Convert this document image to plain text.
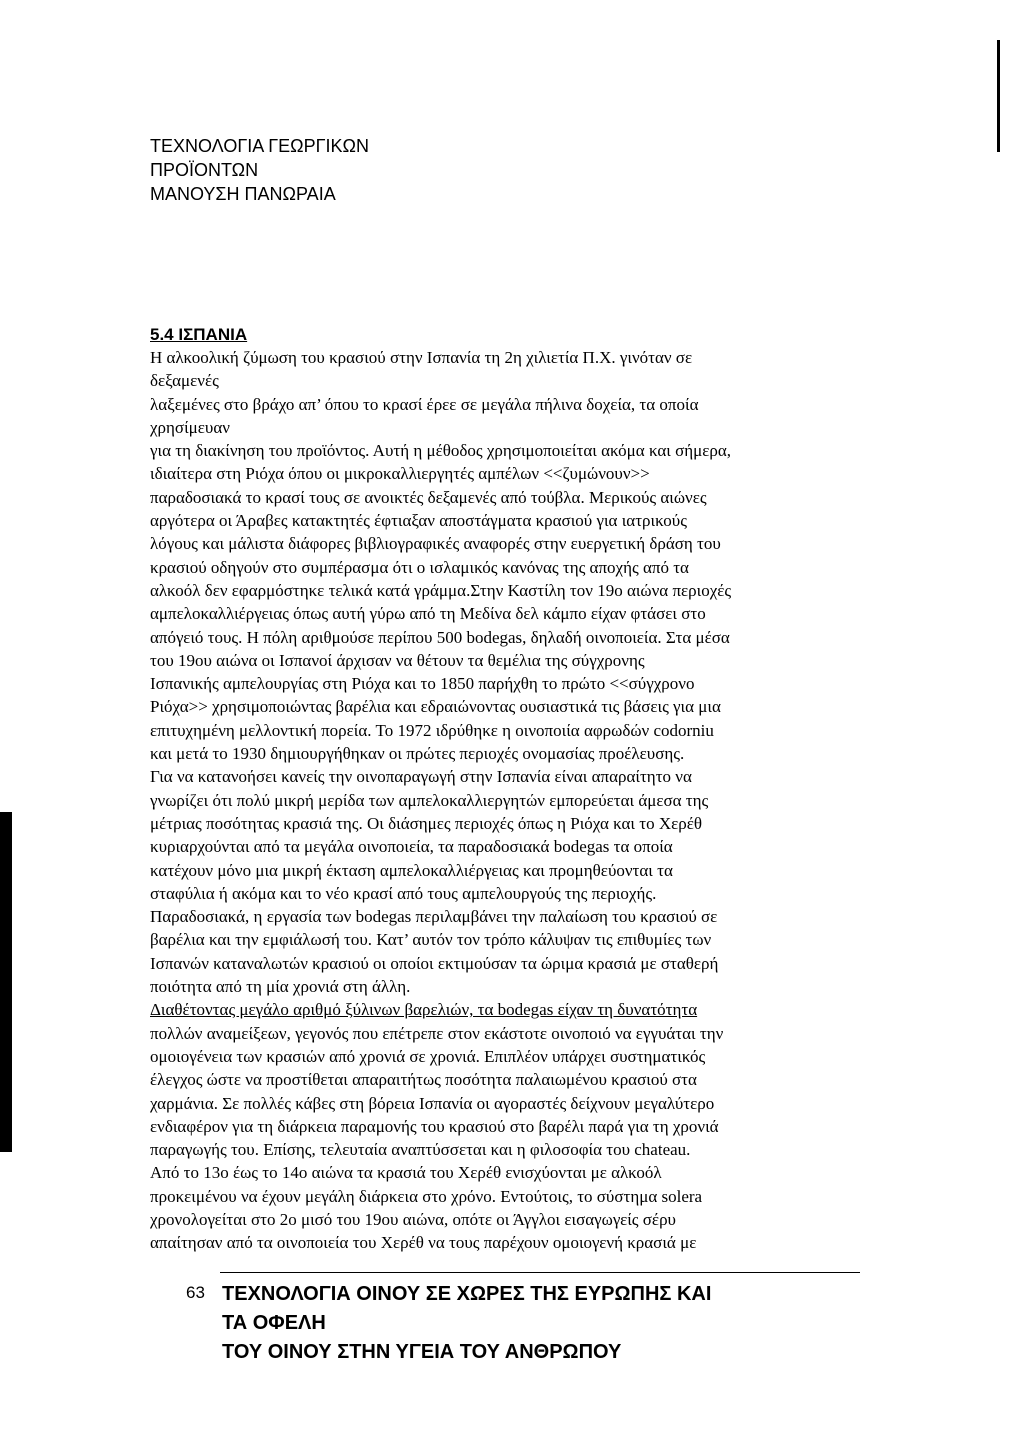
ΤΕΧΝΟΛΟΓΙΑ ΓΕΩΡΓΙΚΩΝ
ΠΡΟΪΟΝΤΩΝ
ΜΑΝΟΥΣΗ ΠΑΝΩΡΑΙΑ
5.4 ΙΣΠΑΝΙΑ
Η αλκοολική ζύμωση του κρασιού στην Ισπανία τη 2η χιλιετία Π.Χ. γινόταν σε
δεξαμενές
λαξεμένες στο βράχο απ’ όπου το κρασί έρεε σε μεγάλα πήλινα δοχεία, τα οποία
χρησίμευαν
για τη διακίνηση του προϊόντος. Αυτή η μέθοδος χρησιμοποιείται ακόμα και σήμερα,
ιδιαίτερα στη Ριόχα όπου οι μικροκαλλιεργητές αμπέλων <<ζυμώνουν>>
παραδοσιακά το κρασί τους σε ανοικτές δεξαμενές από τούβλα. Μερικούς αιώνες
αργότερα οι Άραβες κατακτητές έφτιαξαν αποστάγματα κρασιού για ιατρικούς
λόγους και μάλιστα διάφορες βιβλιογραφικές αναφορές στην ευεργετική δράση του
κρασιού οδηγούν στο συμπέρασμα ότι ο ισλαμικός κανόνας της αποχής από τα
αλκοόλ δεν εφαρμόστηκε τελικά κατά γράμμα.Στην Καστίλη τον 19ο αιώνα περιοχές
αμπελοκαλλιέργειας όπως αυτή γύρω από τη Μεδίνα δελ κάμπο είχαν φτάσει στο
απόγειό τους. Η πόλη αριθμούσε περίπου 500 bodegas, δηλαδή οινοποιεία. Στα μέσα
του 19ου αιώνα οι Ισπανοί άρχισαν να θέτουν τα θεμέλια της σύγχρονης
Ισπανικής αμπελουργίας στη Ριόχα και το 1850 παρήχθη το πρώτο <<σύγχρονο
Ριόχα>> χρησιμοποιώντας βαρέλια και εδραιώνοντας ουσιαστικά τις βάσεις για μια
επιτυχημένη μελλοντική πορεία. Το 1972 ιδρύθηκε η οινοποιία αφρωδών codorniu
και μετά το 1930 δημιουργήθηκαν οι πρώτες περιοχές ονομασίας προέλευσης.
Για να κατανοήσει κανείς την οινοπαραγωγή στην Ισπανία είναι απαραίτητο να
γνωρίζει ότι πολύ μικρή μερίδα των αμπελοκαλλιεργητών εμπορεύεται άμεσα της
μέτριας ποσότητας κρασιά της. Οι διάσημες περιοχές όπως η Ριόχα και το Χερέθ
κυριαρχούνται από τα μεγάλα οινοποιεία, τα παραδοσιακά bodegas τα οποία
κατέχουν μόνο μια μικρή έκταση αμπελοκαλλιέργειας και προμηθεύονται τα
σταφύλια ή ακόμα και το νέο κρασί από τους αμπελουργούς της περιοχής.
Παραδοσιακά, η εργασία των bodegas περιλαμβάνει την παλαίωση του κρασιού σε
βαρέλια και την εμφιάλωσή του. Κατ’ αυτόν τον τρόπο κάλυψαν τις επιθυμίες των
Ισπανών καταναλωτών κρασιού οι οποίοι εκτιμούσαν τα ώριμα κρασιά με σταθερή
ποιότητα από τη μία χρονιά στη άλλη.
Διαθέτοντας μεγάλο αριθμό ξύλινων βαρελιών, τα bodegas είχαν τη δυνατότητα
πολλών αναμείξεων, γεγονός που επέτρεπε στον εκάστοτε οινοποιό να εγγυάται την
ομοιογένεια των κρασιών από χρονιά σε χρονιά. Επιπλέον υπάρχει συστηματικός
έλεγχος ώστε να προστίθεται απαραιτήτως ποσότητα παλαιωμένου κρασιού στα
χαρμάνια. Σε πολλές κάβες στη βόρεια Ισπανία οι αγοραστές δείχνουν μεγαλύτερο
ενδιαφέρον για τη διάρκεια παραμονής του κρασιού στο βαρέλι παρά για τη χρονιά
παραγωγής του. Επίσης, τελευταία αναπτύσσεται και η φιλοσοφία του chateau.
Από το 13ο έως το 14ο αιώνα τα κρασιά του Χερέθ ενισχύονται με αλκοόλ
προκειμένου να έχουν μεγάλη διάρκεια στο χρόνο. Εντούτοις, το σύστημα solera
χρονολογείται στο 2ο μισό του 19ου αιώνα, οπότε οι Άγγλοι εισαγωγείς σέρυ
απαίτησαν από τα οινοποιεία του Χερέθ να τους παρέχουν ομοιογενή κρασιά με
63 ΤΕΧΝΟΛΟΓΙΑ ΟΙΝΟΥ ΣΕ ΧΩΡΕΣ ΤΗΣ ΕΥΡΩΠΗΣ ΚΑΙ
ΤΑ ΟΦΕΛΗ
ΤΟΥ ΟΙΝΟΥ ΣΤΗΝ ΥΓΕΙΑ ΤΟΥ ΑΝΘΡΩΠΟΥ
